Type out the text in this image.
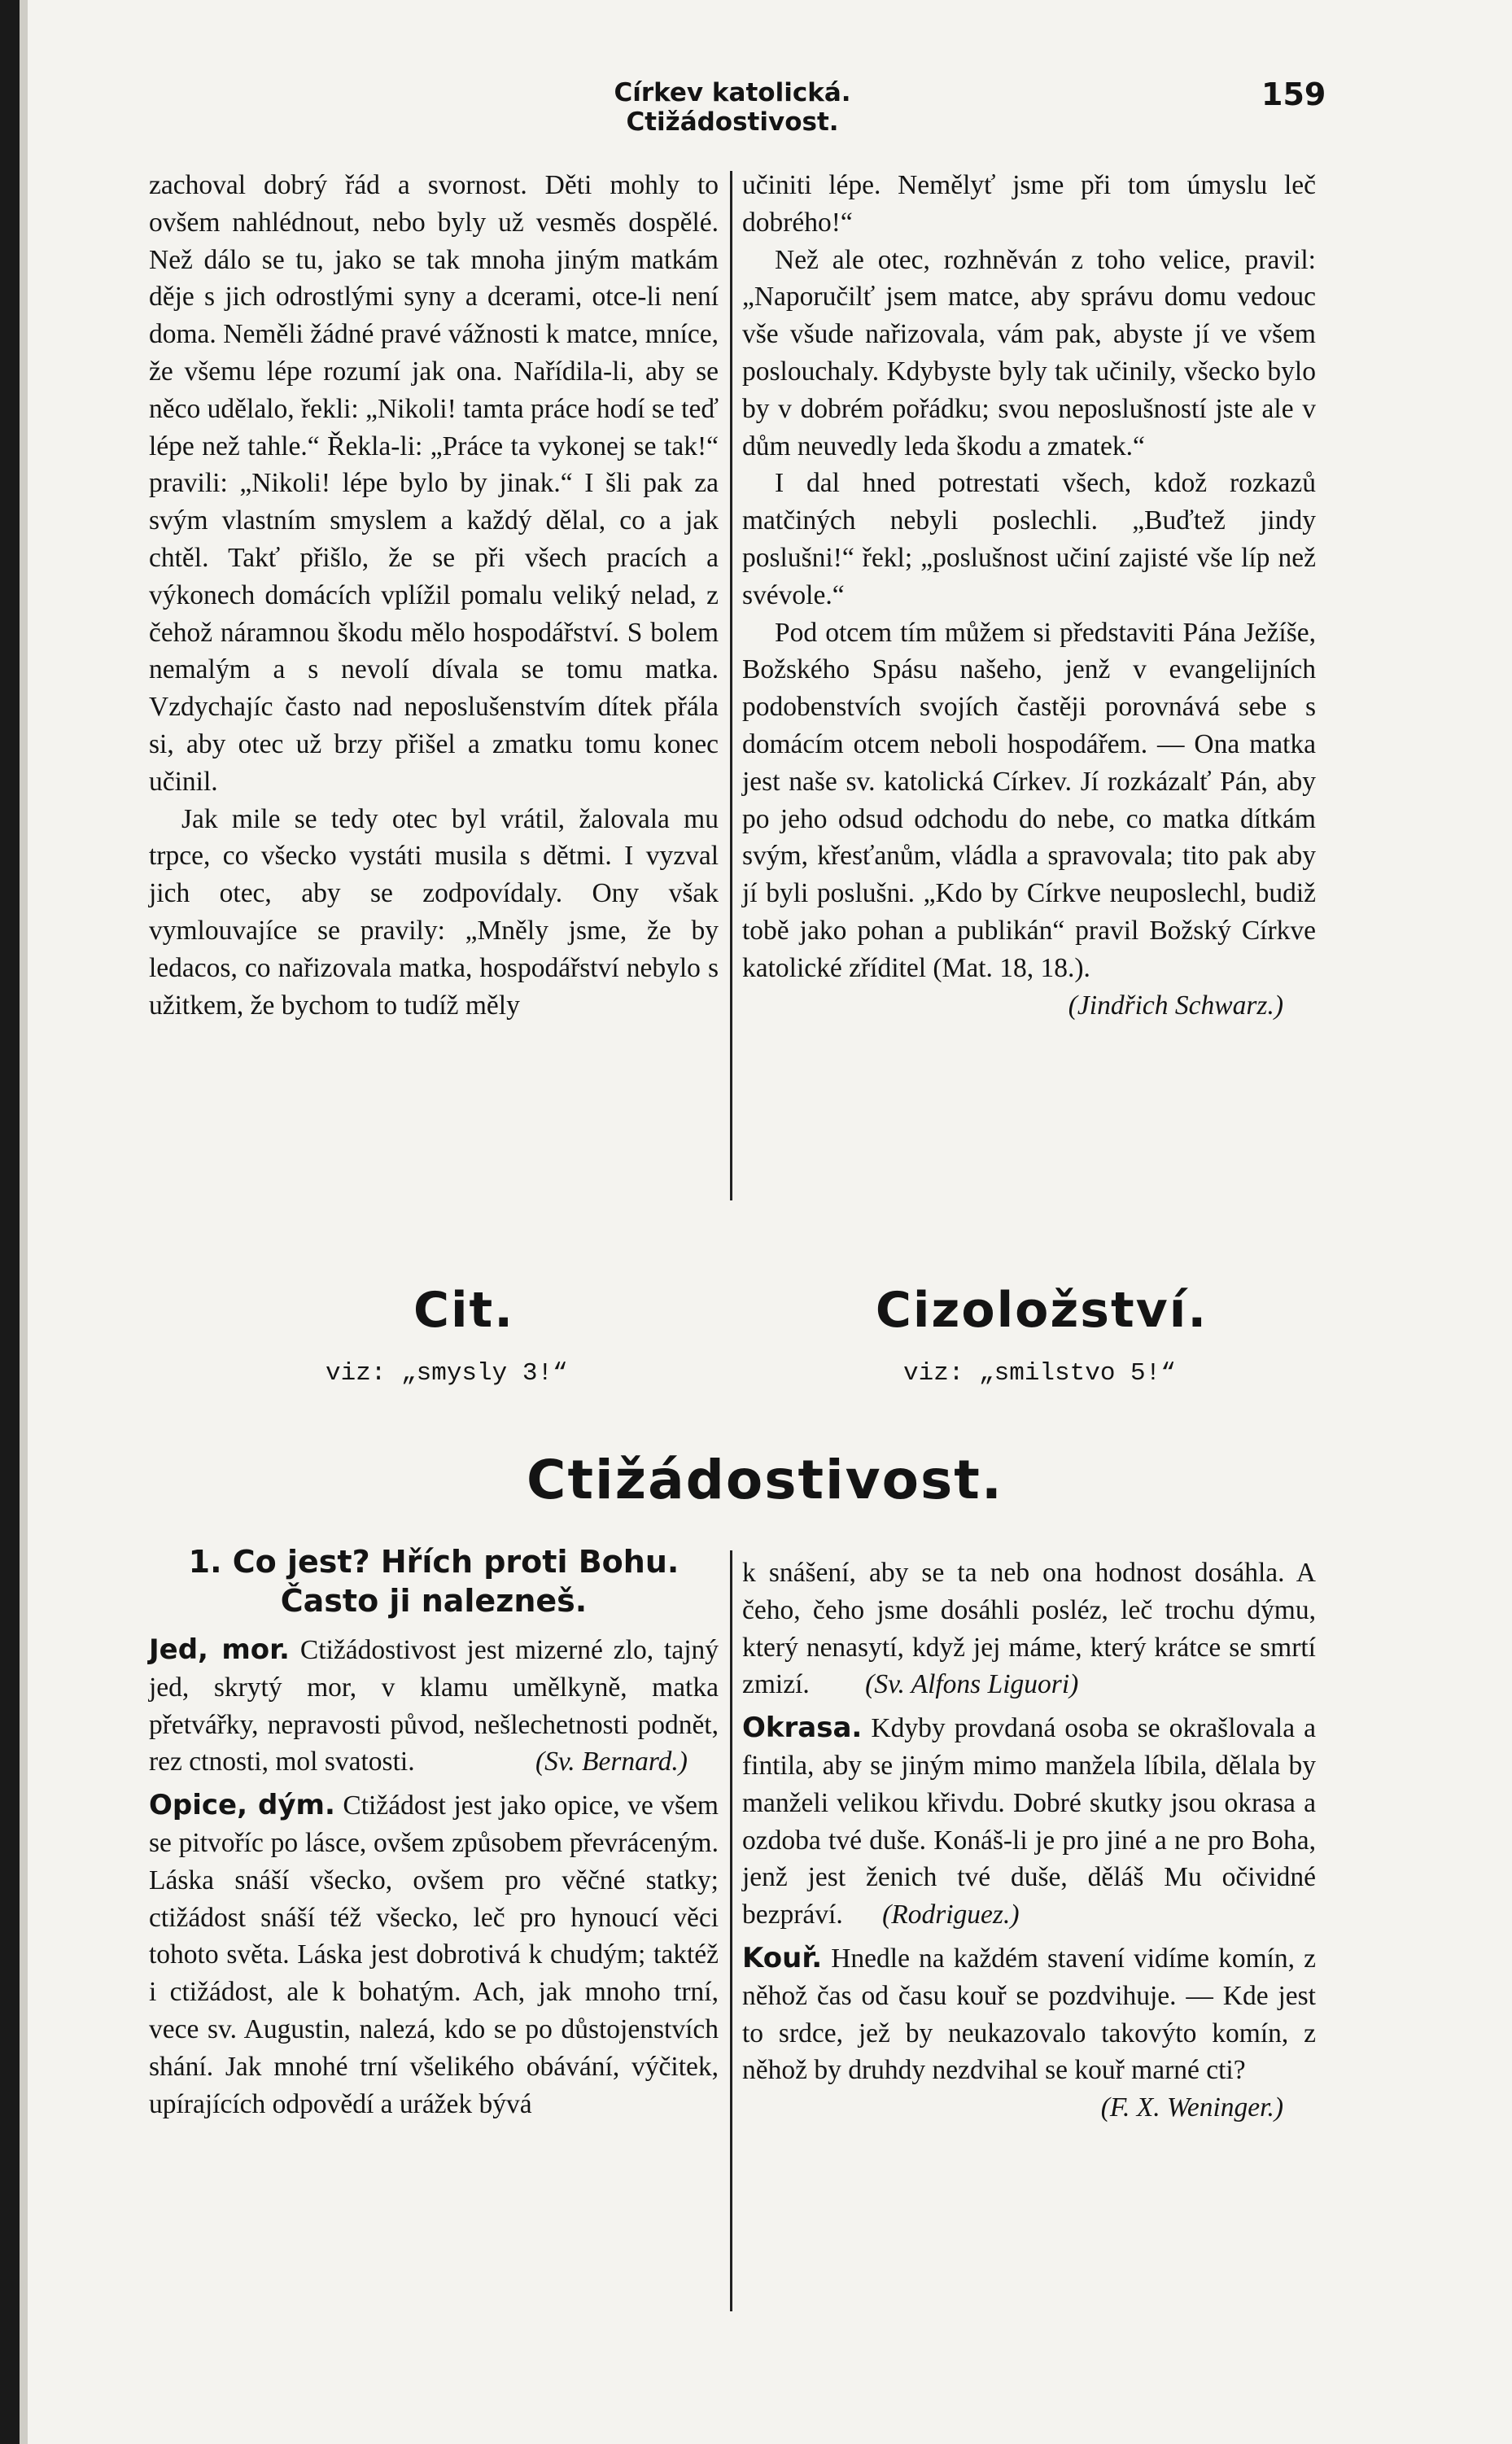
Církev katolická. Ctižádostivost.
159

zachoval dobrý řád a svornost. Děti mohly to ovšem nahlédnout, nebo byly už vesměs dospělé. Než dálo se tu, jako se tak mnoha jiným matkám děje s jich odrostlými syny a dcerami, otce-li není doma. Neměli žádné pravé vážnosti k matce, mníce, že všemu lépe rozumí jak ona. Nařídila-li, aby se něco udělalo, řekli: „Nikoli! tamta práce hodí se teď lépe než tahle.“ Řekla-li: „Práce ta vykonej se tak!“ pravili: „Nikoli! lépe bylo by jinak.“ I šli pak za svým vlastním smyslem a každý dělal, co a jak chtěl. Takť přišlo, že se při všech pracích a výkonech domácích vplížil pomalu veliký nelad, z čehož náramnou škodu mělo hospodářství. S bolem nemalým a s nevolí dívala se tomu matka. Vzdychajíc často nad neposlušenstvím dítek přála si, aby otec už brzy přišel a zmatku tomu konec učinil.

Jak mile se tedy otec byl vrátil, žalovala mu trpce, co všecko vystáti musila s dětmi. I vyzval jich otec, aby se zodpovídaly. Ony však vymlouvajíce se pravily: „Mněly jsme, že by ledacos, co nařizovala matka, hospodářství nebylo s užitkem, že bychom to tudíž měly

učiniti lépe. Nemělyť jsme při tom úmyslu leč dobrého!“

Než ale otec, rozhněván z toho velice, pravil: „Naporučilť jsem matce, aby správu domu vedouc vše všude nařizovala, vám pak, abyste jí ve všem poslouchaly. Kdybyste byly tak učinily, všecko bylo by v dobrém pořádku; svou neposlušností jste ale v dům neuvedly leda škodu a zmatek.“

I dal hned potrestati všech, kdož rozkazů matčiných nebyli poslechli. „Buďtež jindy poslušni!“ řekl; „poslušnost učiní zajisté vše líp než svévole.“

Pod otcem tím můžem si představiti Pána Ježíše, Božského Spásu našeho, jenž v evangelijních podobenstvích svojích častěji porovnává sebe s domácím otcem neboli hospodářem. — Ona matka jest naše sv. katolická Církev. Jí rozkázalť Pán, aby po jeho odsud odchodu do nebe, co matka dítkám svým, křesťanům, vládla a spravovala; tito pak aby jí byli poslušni. „Kdo by Církve neuposlechl, budiž tobě jako pohan a publikán“ pravil Božský Církve katolické zříditel (Mat. 18, 18.).

(Jindřich Schwarz.)
Cit.
viz: „smysly 3!“
Cizoložství.
viz: „smilstvo 5!“
Ctižádostivost.
1. Co jest? Hřích proti Bohu.
Často ji nalezneš.

Jed, mor. Ctižádostivost jest mizerné zlo, tajný jed, skrytý mor, v klamu umělkyně, matka přetvářky, nepravosti původ, nešlechetnosti podnět, rez ctnosti, mol svatosti.	(Sv. Bernard.)

Opice, dým. Ctižádost jest jako opice, ve všem se pitvoříc po lásce, ovšem způsobem převráceným. Láska snáší všecko, ovšem pro věčné statky; ctižádost snáší též všecko, leč pro hynoucí věci tohoto světa. Láska jest dobrotivá k chudým; taktéž i ctižádost, ale k bohatým. Ach, jak mnoho trní, vece sv. Augustin, nalezá, kdo se po důstojenstvích shání. Jak mnohé trní všelikého obávání, výčitek, upírajících odpovědí a urážek bývá

k snášení, aby se ta neb ona hodnost dosáhla. A čeho, čeho jsme dosáhli posléz, leč trochu dýmu, který nenasytí, když jej máme, který krátce se smrtí zmizí. (Sv. Alfons Liguori)

Okrasa. Kdyby provdaná osoba se okrašlovala a fintila, aby se jiným mimo manžela líbila, dělala by manželi velikou křivdu. Dobré skutky jsou okrasa a ozdoba tvé duše. Konáš-li je pro jiné a ne pro Boha, jenž jest ženich tvé duše, děláš Mu očividné bezpráví. (Rodriguez.)

Kouř. Hnedle na každém stavení vidíme komín, z něhož čas od času kouř se pozdvihuje. — Kde jest to srdce, jež by neukazovalo takovýto komín, z něhož by druhdy nezdvihal se kouř marné cti?

(F. X. Weninger.)
